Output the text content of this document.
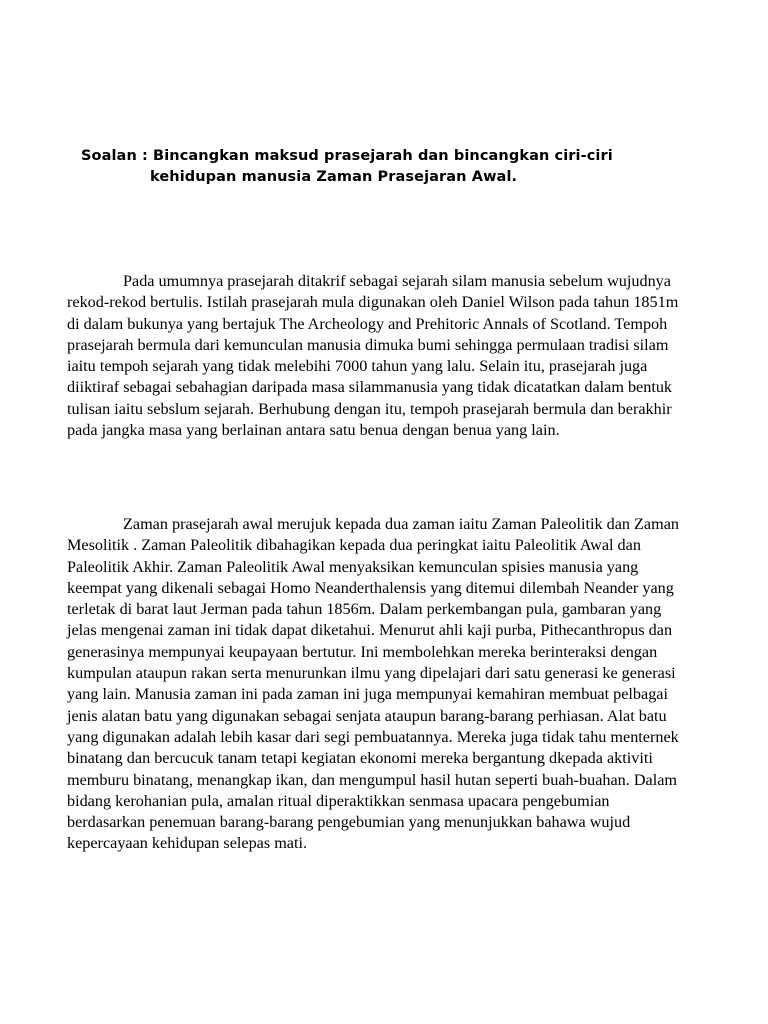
Soalan : Bincangkan maksud prasejarah dan bincangkan ciri-ciri
kehidupan manusia Zaman Prasejaran Awal.

Pada umumnya prasejarah ditakrif sebagai sejarah silam manusia sebelum wujudnya rekod-rekod bertulis. Istilah prasejarah mula digunakan oleh Daniel Wilson pada tahun 1851m di dalam bukunya yang bertajuk The Archeology and Prehitoric Annals of Scotland. Tempoh prasejarah bermula dari kemunculan manusia dimuka bumi sehingga permulaan tradisi silam iaitu tempoh sejarah yang tidak melebihi 7000 tahun yang lalu. Selain itu, prasejarah juga diiktiraf sebagai sebahagian daripada masa silammanusia yang tidak dicatatkan dalam bentuk tulisan iaitu sebslum sejarah. Berhubung dengan itu, tempoh prasejarah bermula dan berakhir pada jangka masa yang berlainan antara satu benua dengan benua yang lain.

Zaman prasejarah awal merujuk kepada dua zaman iaitu Zaman Paleolitik dan Zaman Mesolitik . Zaman Paleolitik dibahagikan kepada dua peringkat iaitu Paleolitik Awal dan Paleolitik Akhir. Zaman Paleolitik Awal menyaksikan kemunculan spisies manusia yang keempat yang dikenali sebagai Homo Neanderthalensis yang ditemui dilembah Neander yang terletak di barat laut Jerman pada tahun 1856m. Dalam perkembangan pula, gambaran yang jelas mengenai zaman ini tidak dapat diketahui. Menurut ahli kaji purba, Pithecanthropus dan generasinya mempunyai keupayaan bertutur. Ini membolehkan mereka berinteraksi dengan kumpulan ataupun rakan serta menurunkan ilmu yang dipelajari dari satu generasi ke generasi yang lain. Manusia zaman ini pada zaman ini juga mempunyai kemahiran membuat pelbagai jenis alatan batu yang digunakan sebagai senjata ataupun barang-barang perhiasan. Alat batu yang digunakan adalah lebih kasar dari segi pembuatannya. Mereka juga tidak tahu menternek binatang dan bercucuk tanam tetapi kegiatan ekonomi mereka bergantung dkepada aktiviti memburu binatang, menangkap ikan, dan mengumpul hasil hutan seperti buah-buahan. Dalam bidang kerohanian pula, amalan ritual diperaktikkan senmasa upacara pengebumian berdasarkan penemuan barang-barang pengebumian yang menunjukkan bahawa wujud kepercayaan kehidupan selepas mati.
